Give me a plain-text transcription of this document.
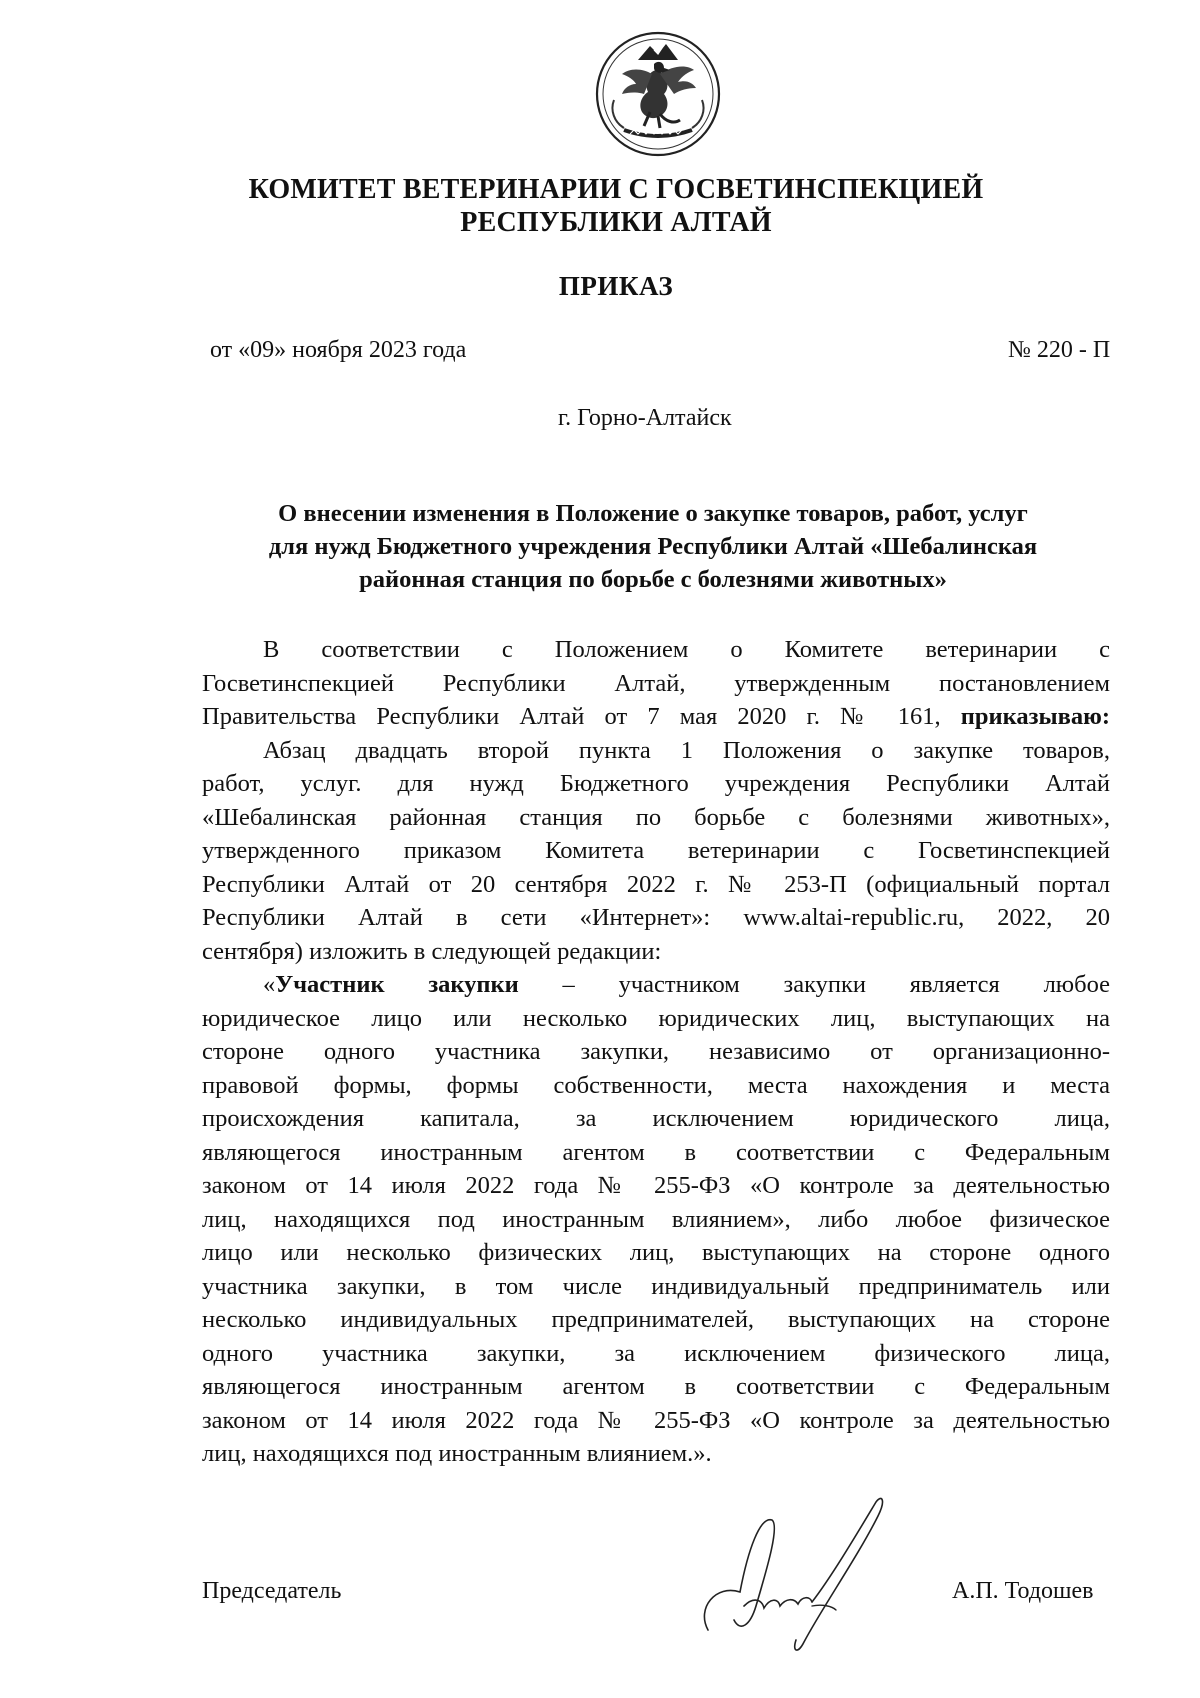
КОМИТЕТ ВЕТЕРИНАРИИ С ГОСВЕТИНСПЕКЦИЕЙ
РЕСПУБЛИКИ АЛТАЙ
ПРИКАЗ
от «09» ноября 2023 года	№ 220 - П
г. Горно-Алтайск
О внесении изменения в Положение о закупке товаров, работ, услуг
для нужд Бюджетного учреждения Республики Алтай «Шебалинская
районная станция по борьбе с болезнями животных»
В соответствии с Положением о Комитете ветеринарии с
Госветинспекцией Республики Алтай, утвержденным постановлением
Правительства Республики Алтай от 7 мая 2020 г. № 161, приказываю:
Абзац двадцать второй пункта 1 Положения о закупке товаров,
работ, услуг. для нужд Бюджетного учреждения Республики Алтай
«Шебалинская районная станция по борьбе с болезнями животных»,
утвержденного приказом Комитета ветеринарии с Госветинспекцией
Республики Алтай от 20 сентября 2022 г. № 253-П (официальный портал
Республики Алтай в сети «Интернет»: www.altai-republic.ru, 2022, 20
сентября) изложить в следующей редакции:
«Участник закупки – участником закупки является любое
юридическое лицо или несколько юридических лиц, выступающих на
стороне одного участника закупки, независимо от организационно-
правовой формы, формы собственности, места нахождения и места
происхождения капитала, за исключением юридического лица,
являющегося иностранным агентом в соответствии с Федеральным
законом от 14 июля 2022 года № 255-ФЗ «О контроле за деятельностью
лиц, находящихся под иностранным влиянием», либо любое физическое
лицо или несколько физических лиц, выступающих на стороне одного
участника закупки, в том числе индивидуальный предприниматель или
несколько индивидуальных предпринимателей, выступающих на стороне
одного участника закупки, за исключением физического лица,
являющегося иностранным агентом в соответствии с Федеральным
законом от 14 июля 2022 года № 255-ФЗ «О контроле за деятельностью
лиц, находящихся под иностранным влиянием.».
Председатель	А.П. Тодошев
